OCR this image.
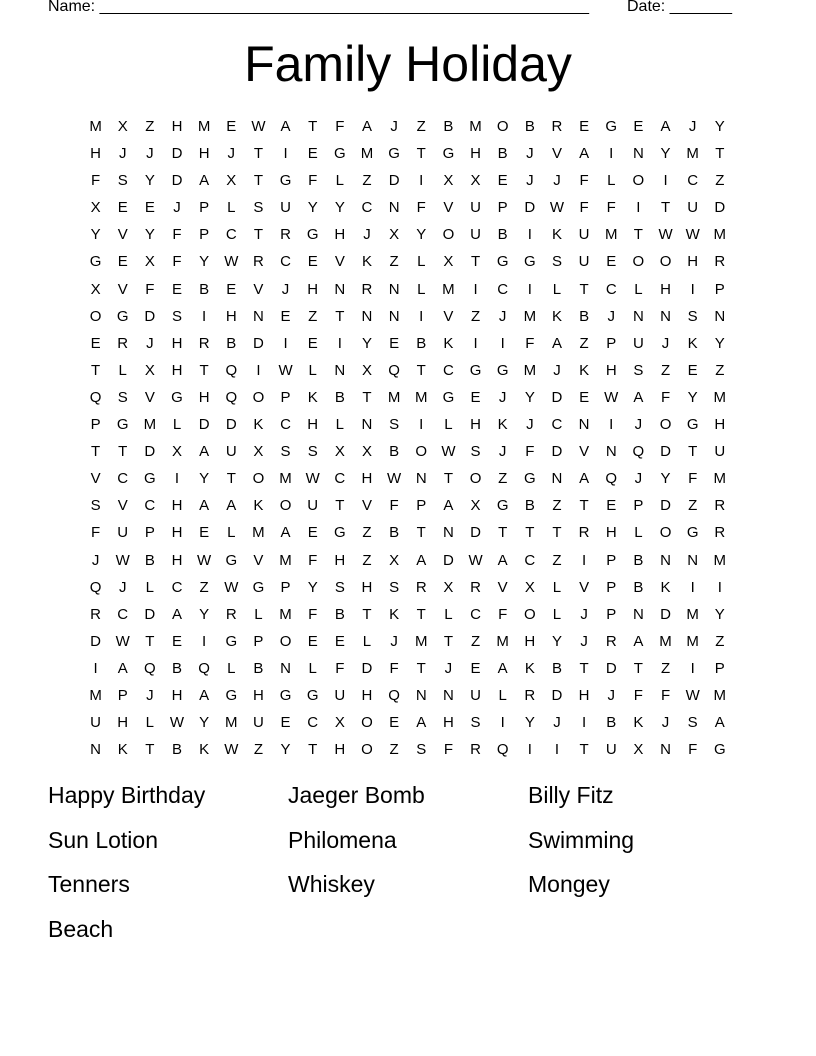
Name: _______________________________________________________

Date: _______

Family Holiday
M	X	Z	H	M	E	W	A	T	F	A	J	Z	B	M	O	B	R	E	G	E	A	J	Y
H	J	J	D	H	J	T	I	E	G	M	G	T	G	H	B	J	V	A	I	N	Y	M	T
F	S	Y	D	A	X	T	G	F	L	Z	D	I	X	X	E	J	J	F	L	O	I	C	Z
X	E	E	J	P	L	S	U	Y	Y	C	N	F	V	U	P	D W	F	F	I	T	U	D
Y	V	Y	F	P	C	T	R	G	H	J	X	Y	O	U	B	I	K	U	M	T	W W M
G	E	X	F	Y	W R	C	E	V	K	Z	L	X	T	G	G	S	U	E	O	O	H	R
X	V	F	E	B	E	V	J	H	N	R	N	L	M	I	C	I	L	T	C	L	H	I	P
O	G	D	S	I	H	N	E	Z	T	N	N	I	V	Z	J	M	K	B	J	N	N	S	N
E	R	J	H	R	B	D	I	E	I	Y	E	B	K	I	I	F	A	Z	P	U	J	K	Y
T	L	X	H	T	Q	I	W	L	N	X	Q	T	C	G	G	M	J	K	H	S	Z	E	Z
Q	S	V	G	H	Q	O	P	K	B	T	M M	G	E	J	Y	D	E	W	A	F	Y	M
P	G	M	L	D	D	K	C	H	L	N	S	I	L	H	K	J	C	N	I	J	O	G	H
T	T	D	X	A	U	X	S	S	X	X	B	O W	S	J	F	D	V	N	Q	D	T	U
V	C	G	I	Y	T	O	M W C	H W N	T	O	Z	G	N	A	Q	J	Y	F	M
S	V	C	H	A	A	K	O	U	T	V	F	P	A	X	G	B	Z	T	E	P	D	Z	R
F	U	P	H	E	L	M	A	E	G	Z	B	T	N	D	T	T	T	R	H	L	O	G	R
J	W	B	H W G	V	M	F	H	Z	X	A	D W	A	C	Z	I	P	B	N	N	M
Q	J	L	C	Z	W G	P	Y	S	H	S	R	X	R	V	X	L	V	P	B	K	I	I
R	C	D	A	Y	R	L	M	F	B	T	K	T	L	C	F	O	L	J	P	N	D	M	Y
D W	T	E	I	G	P	O	E	E	L	J	M	T	Z	M	H	Y	J	R	A	M M	Z
I	A	Q	B	Q	L	B	N	L	F	D	F	T	J	E	A	K	B	T	D	T	Z	I	P
M	P	J	H	A	G	H	G	G	U	H	Q	N	N	U	L	R	D	H	J	F	F	W M
U	H	L	W	Y	M	U	E	C	X	O	E	A	H	S	I	Y	J	I	B	K	J	S	A
N	K	T	B	K	W	Z	Y	T	H	O	Z	S	F	R	Q	I	I	T	U	X	N	F	G
Happy Birthday	Jaeger Bomb	Billy Fitz
Sun Lotion	Philomena	Swimming
Tenners	Whiskey	Mongey
Beach
